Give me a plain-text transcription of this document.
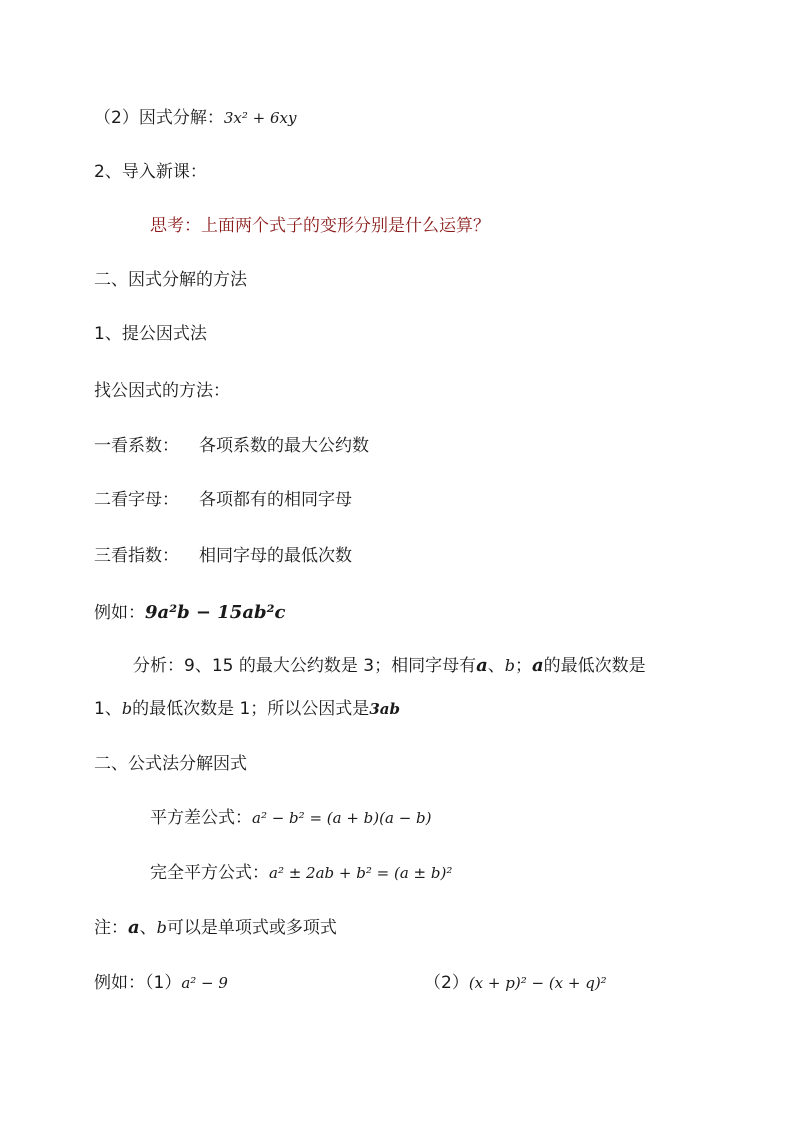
（2）因式分解：3x² + 6xy
2、导入新课：
思考：上面两个式子的变形分别是什么运算？
二、因式分解的方法
1、提公因式法
找公因式的方法：
一看系数： 各项系数的最大公约数
二看字母： 各项都有的相同字母
三看指数： 相同字母的最低次数
例如：9a²b − 15ab²c
分析：9、15 的最大公约数是 3；相同字母有a、b；a的最低次数是
1、b的最低次数是 1；所以公因式是3ab
二、公式法分解因式
平方差公式：a² − b² = (a + b)(a − b)
完全平方公式：a² ± 2ab + b² = (a ± b)²
注：a、b可以是单项式或多项式
例如：（1）a² − 9	（2）(x + p)² − (x + q)²
